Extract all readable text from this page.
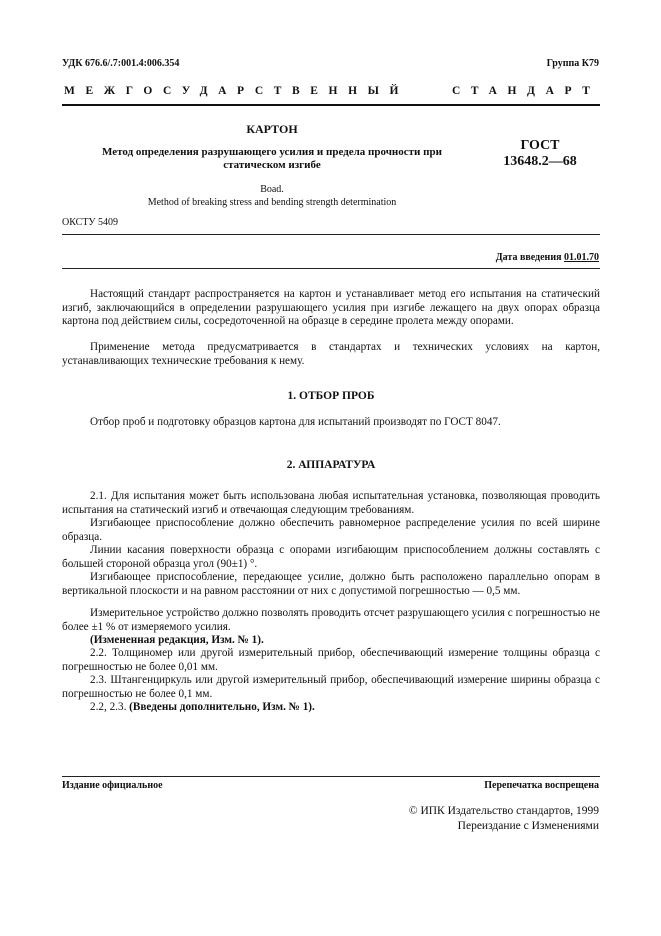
УДК 676.6/.7:001.4:006.354	Группа К79
МЕЖГОСУДАРСТВЕННЫЙ	СТАНДАРТ
КАРТОН
Метод определения разрушающего усилия и предела прочности при статическом изгибе
ГОСТ
13648.2—68
Boad.
Method of breaking stress and bending strength determination
ОКСТУ 5409
Дата введения 01.01.70

Настоящий стандарт распространяется на картон и устанавливает метод его испытания на статический изгиб, заключающийся в определении разрушающего усилия при изгибе лежащего на двух опорах образца картона под действием силы, сосредоточенной на образце в середине пролета между опорами.

Применение метода предусматривается в стандартах и технических условиях на картон, устанавливающих технические требования к нему.

1. ОТБОР ПРОБ

Отбор проб и подготовку образцов картона для испытаний производят по ГОСТ 8047.

2. АППАРАТУРА

2.1. Для испытания может быть использована любая испытательная установка, позволяющая проводить испытания на статический изгиб и отвечающая следующим требованиям.

Изгибающее приспособление должно обеспечить равномерное распределение усилия по всей ширине образца.

Линии касания поверхности образца с опорами изгибающим приспособлением должны составлять с большей стороной образца угол (90±1) °.

Изгибающее приспособление, передающее усилие, должно быть расположено параллельно опорам в вертикальной плоскости и на равном расстоянии от них с допустимой погрешностью — 0,5 мм.

Измерительное устройство должно позволять проводить отсчет разрушающего усилия с погрешностью не более ±1 % от измеряемого усилия.

(Измененная редакция, Изм. № 1).

2.2. Толщиномер или другой измерительный прибор, обеспечивающий измерение толщины образца с погрешностью не более 0,01 мм.

2.3. Штангенциркуль или другой измерительный прибор, обеспечивающий измерение ширины образца с погрешностью не более 0,1 мм.

2.2, 2.3. (Введены дополнительно, Изм. № 1).

Издание официальное	Перепечатка воспрещена
© ИПК Издательство стандартов, 1999
Переиздание с Изменениями
